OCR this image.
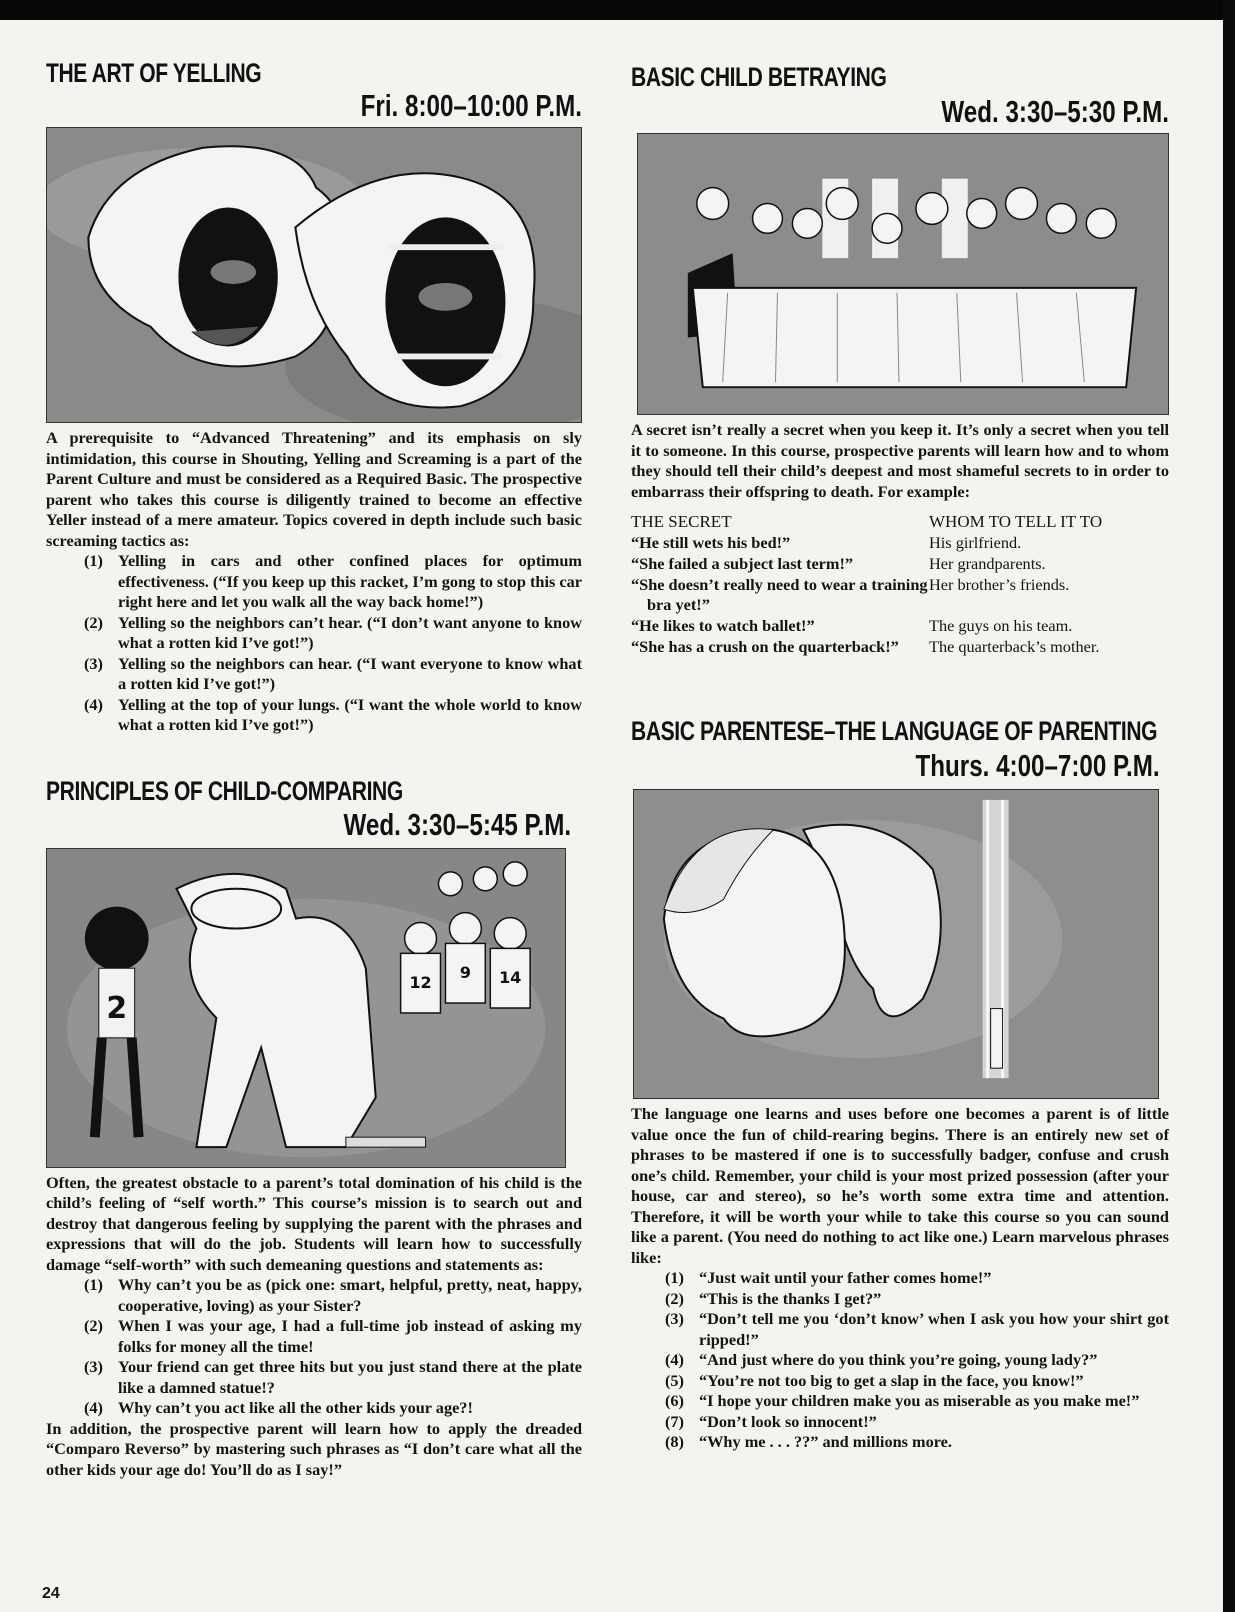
THE ART OF YELLING
Fri. 8:00–10:00 P.M.

A prerequisite to “Advanced Threatening” and its emphasis on sly intimidation, this course in Shouting, Yelling and Screaming is a part of the Parent Culture and must be considered as a Required Basic. The prospective parent who takes this course is diligently trained to become an effective Yeller instead of a mere amateur. Topics covered in depth include such basic screaming tactics as:

(1) Yelling in cars and other confined places for optimum effectiveness. (“If you keep up this racket, I’m gong to stop this car right here and let you walk all the way back home!”)
(2) Yelling so the neighbors can’t hear. (“I don’t want anyone to know what a rotten kid I’ve got!”)
(3) Yelling so the neighbors can hear. (“I want everyone to know what a rotten kid I’ve got!”)
(4) Yelling at the top of your lungs. (“I want the whole world to know what a rotten kid I’ve got!”)
PRINCIPLES OF CHILD-COMPARING
Wed. 3:30–5:45 P.M.
2
12
9 14

Often, the greatest obstacle to a parent’s total domination of his child is the child’s feeling of “self worth.” This course’s mission is to search out and destroy that dangerous feeling by supplying the parent with the phrases and expressions that will do the job. Students will learn how to successfully damage “self-worth” with such demeaning questions and statements as:

(1) Why can’t you be as (pick one: smart, helpful, pretty, neat, happy, cooperative, loving) as your Sister?
(2) When I was your age, I had a full-time job instead of asking my folks for money all the time!
(3) Your friend can get three hits but you just stand there at the plate like a damned statue!?
(4) Why can’t you act like all the other kids your age?!

In addition, the prospective parent will learn how to apply the dreaded “Comparo Reverso” by mastering such phrases as “I don’t care what all the other kids your age do! You’ll do as I say!”

BASIC CHILD BETRAYING
Wed. 3:30–5:30 P.M.

A secret isn’t really a secret when you keep it. It’s only a secret when you tell it to someone. In this course, prospective parents will learn how and to whom they should tell their child’s deepest and most shameful secrets to in order to embarrass their offspring to death. For example:

THE SECRET	WHOM TO TELL IT TO
“He still wets his bed!”	His girlfriend.
“She failed a subject last term!”	Her grandparents.
“She doesn’t really need to wear a training bra yet!”	Her brother’s friends.
“He likes to watch ballet!”	The guys on his team.
“She has a crush on the quarterback!”	The quarterback’s mother.
BASIC PARENTESE–THE LANGUAGE OF PARENTING
Thurs. 4:00–7:00 P.M.

The language one learns and uses before one becomes a parent is of little value once the fun of child-rearing begins. There is an entirely new set of phrases to be mastered if one is to successfully badger, confuse and crush one’s child. Remember, your child is your most prized possession (after your house, car and stereo), so he’s worth some extra time and attention. Therefore, it will be worth your while to take this course so you can sound like a parent. (You need do nothing to act like one.) Learn marvelous phrases like:

(1) “Just wait until your father comes home!”
(2) “This is the thanks I get?”
(3) “Don’t tell me you ‘don’t know’ when I ask you how your shirt got ripped!”
(4) “And just where do you think you’re going, young lady?”
(5) “You’re not too big to get a slap in the face, you know!”
(6) “I hope your children make you as miserable as you make me!”
(7) “Don’t look so innocent!”
(8) “Why me . . . ??” and millions more.
24
